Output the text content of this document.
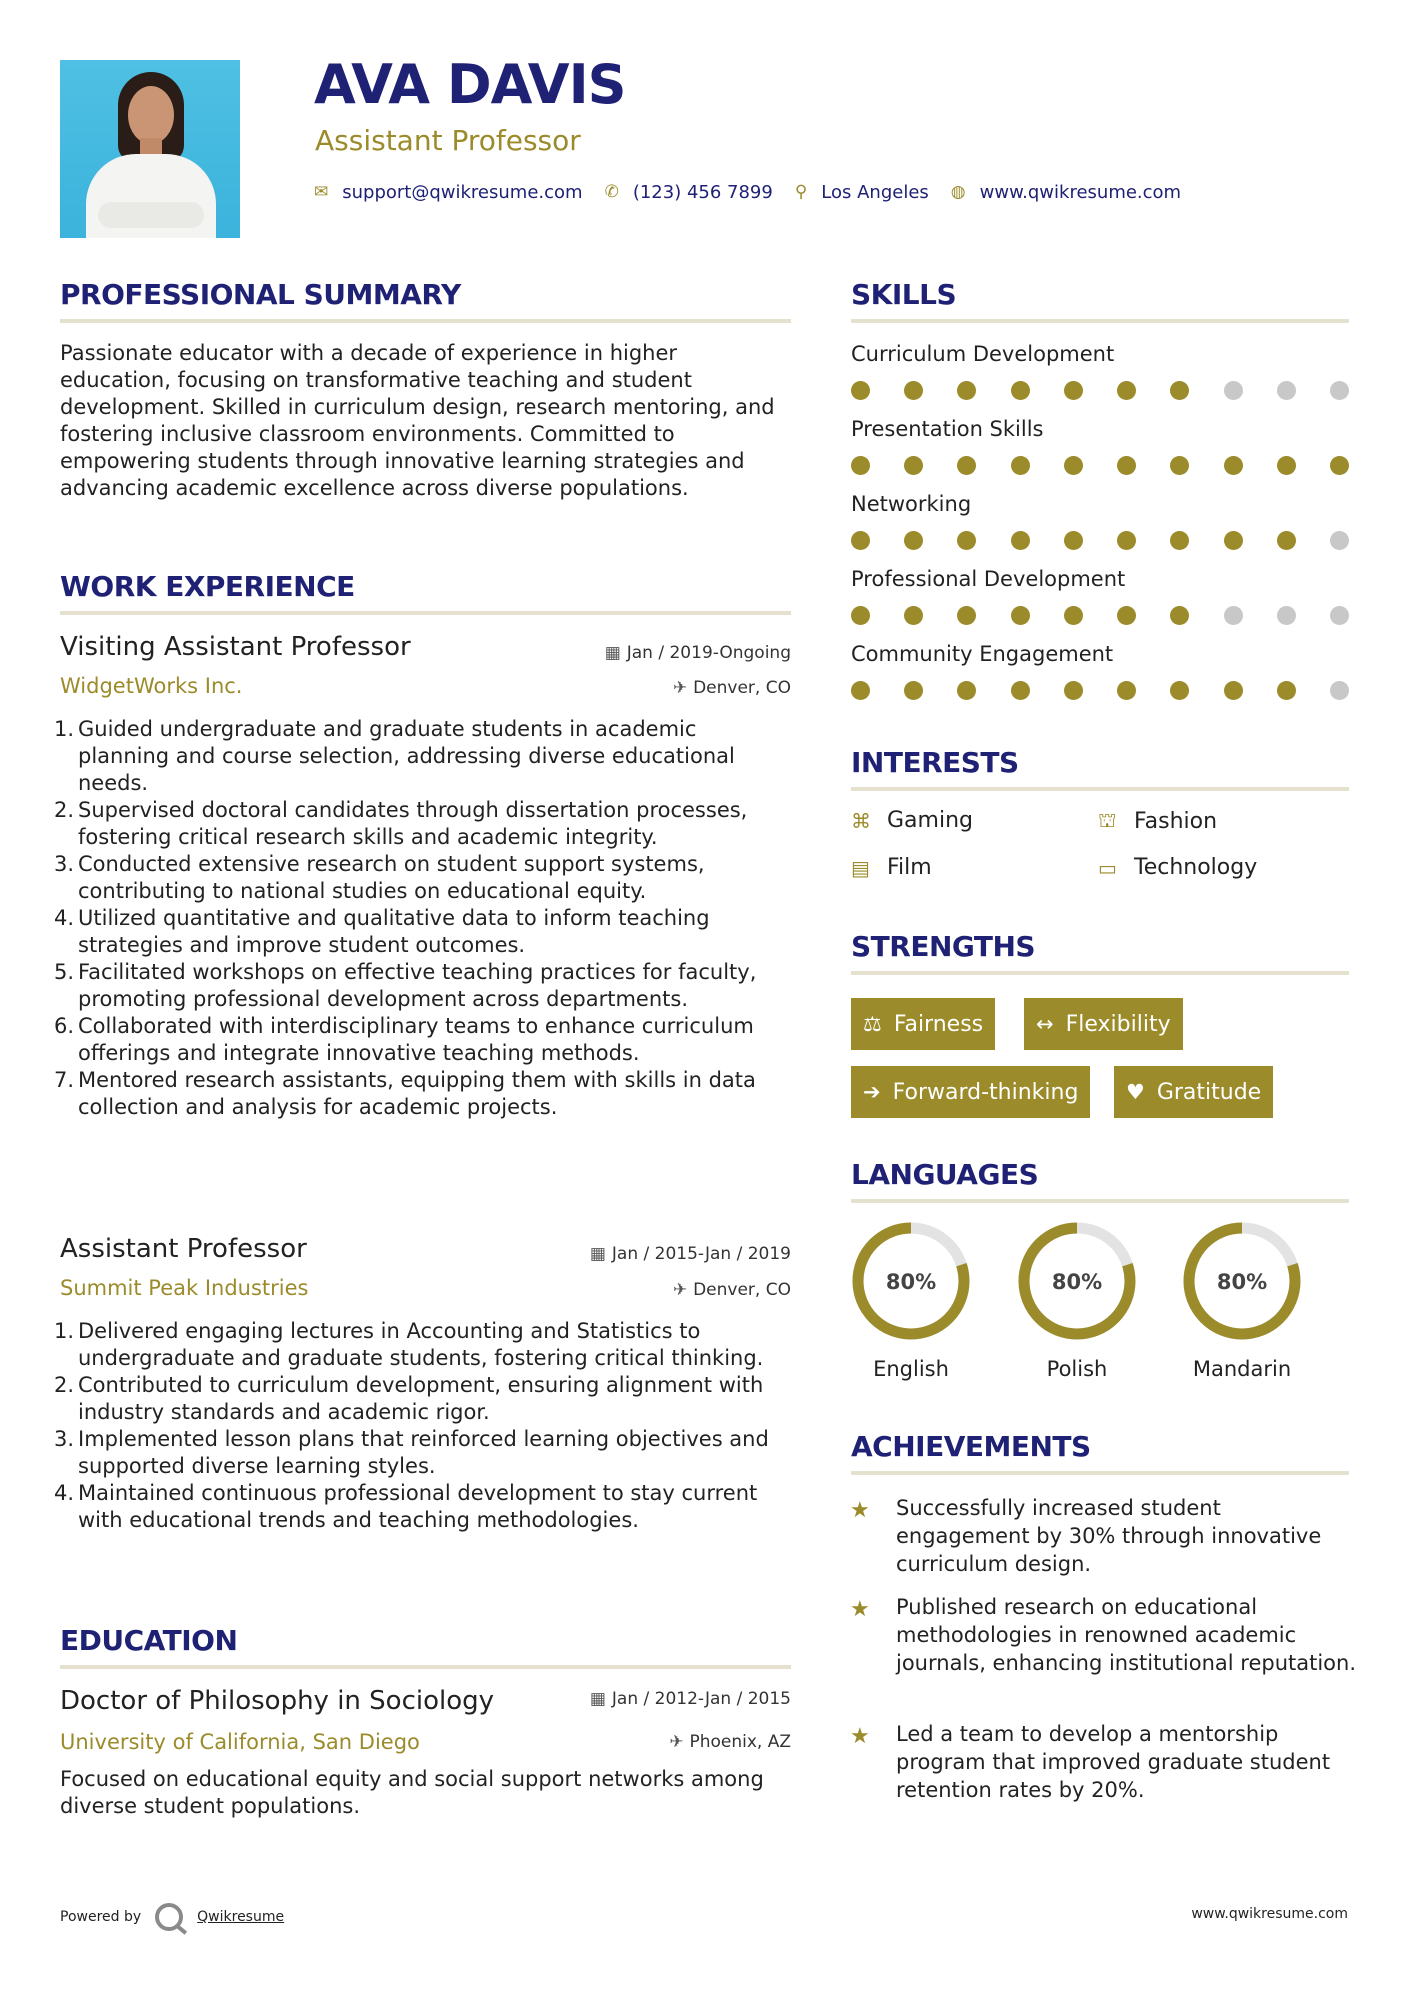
AVA DAVIS
Assistant Professor
✉ support@qwikresume.com ✆ (123) 456 7899 ⚲ Los Angeles ◍ www.qwikresume.com
PROFESSIONAL SUMMARY
Passionate educator with a decade of experience in higher education, focusing on transformative teaching and student development. Skilled in curriculum design, research mentoring, and fostering inclusive classroom environments. Committed to empowering students through innovative learning strategies and advancing academic excellence across diverse populations.
WORK EXPERIENCE
Visiting Assistant Professor	▦ Jan / 2019-Ongoing
WidgetWorks Inc.	✈ Denver, CO
1. Guided undergraduate and graduate students in academic planning and course selection, addressing diverse educational needs.
2. Supervised doctoral candidates through dissertation processes, fostering critical research skills and academic integrity.
3. Conducted extensive research on student support systems, contributing to national studies on educational equity.
4. Utilized quantitative and qualitative data to inform teaching strategies and improve student outcomes.
5. Facilitated workshops on effective teaching practices for faculty, promoting professional development across departments.
6. Collaborated with interdisciplinary teams to enhance curriculum offerings and integrate innovative teaching methods.
7. Mentored research assistants, equipping them with skills in data collection and analysis for academic projects.
Assistant Professor	▦ Jan / 2015-Jan / 2019
Summit Peak Industries	✈ Denver, CO
1. Delivered engaging lectures in Accounting and Statistics to undergraduate and graduate students, fostering critical thinking.
2. Contributed to curriculum development, ensuring alignment with industry standards and academic rigor.
3. Implemented lesson plans that reinforced learning objectives and supported diverse learning styles.
4. Maintained continuous professional development to stay current with educational trends and teaching methodologies.
EDUCATION
Doctor of Philosophy in Sociology	▦ Jan / 2012-Jan / 2015
University of California, San Diego	✈ Phoenix, AZ
Focused on educational equity and social support networks among diverse student populations.
SKILLS
Curriculum Development
Presentation Skills
Networking
Professional Development
Community Engagement
INTERESTS
⌘ Gaming	⛫ Fashion
▤ Film	▭ Technology
STRENGTHS
⚖ Fairness	↔ Flexibility
➔ Forward-thinking ♥ Gratitude
LANGUAGES
80%	80%	80%
English	Polish	Mandarin
ACHIEVEMENTS
★ Successfully increased student engagement by 30% through innovative curriculum design.
★ Published research on educational methodologies in renowned academic journals, enhancing institutional reputation.
★ Led a team to develop a mentorship program that improved graduate student retention rates by 20%.
Powered by	Qwikresume	www.qwikresume.com
